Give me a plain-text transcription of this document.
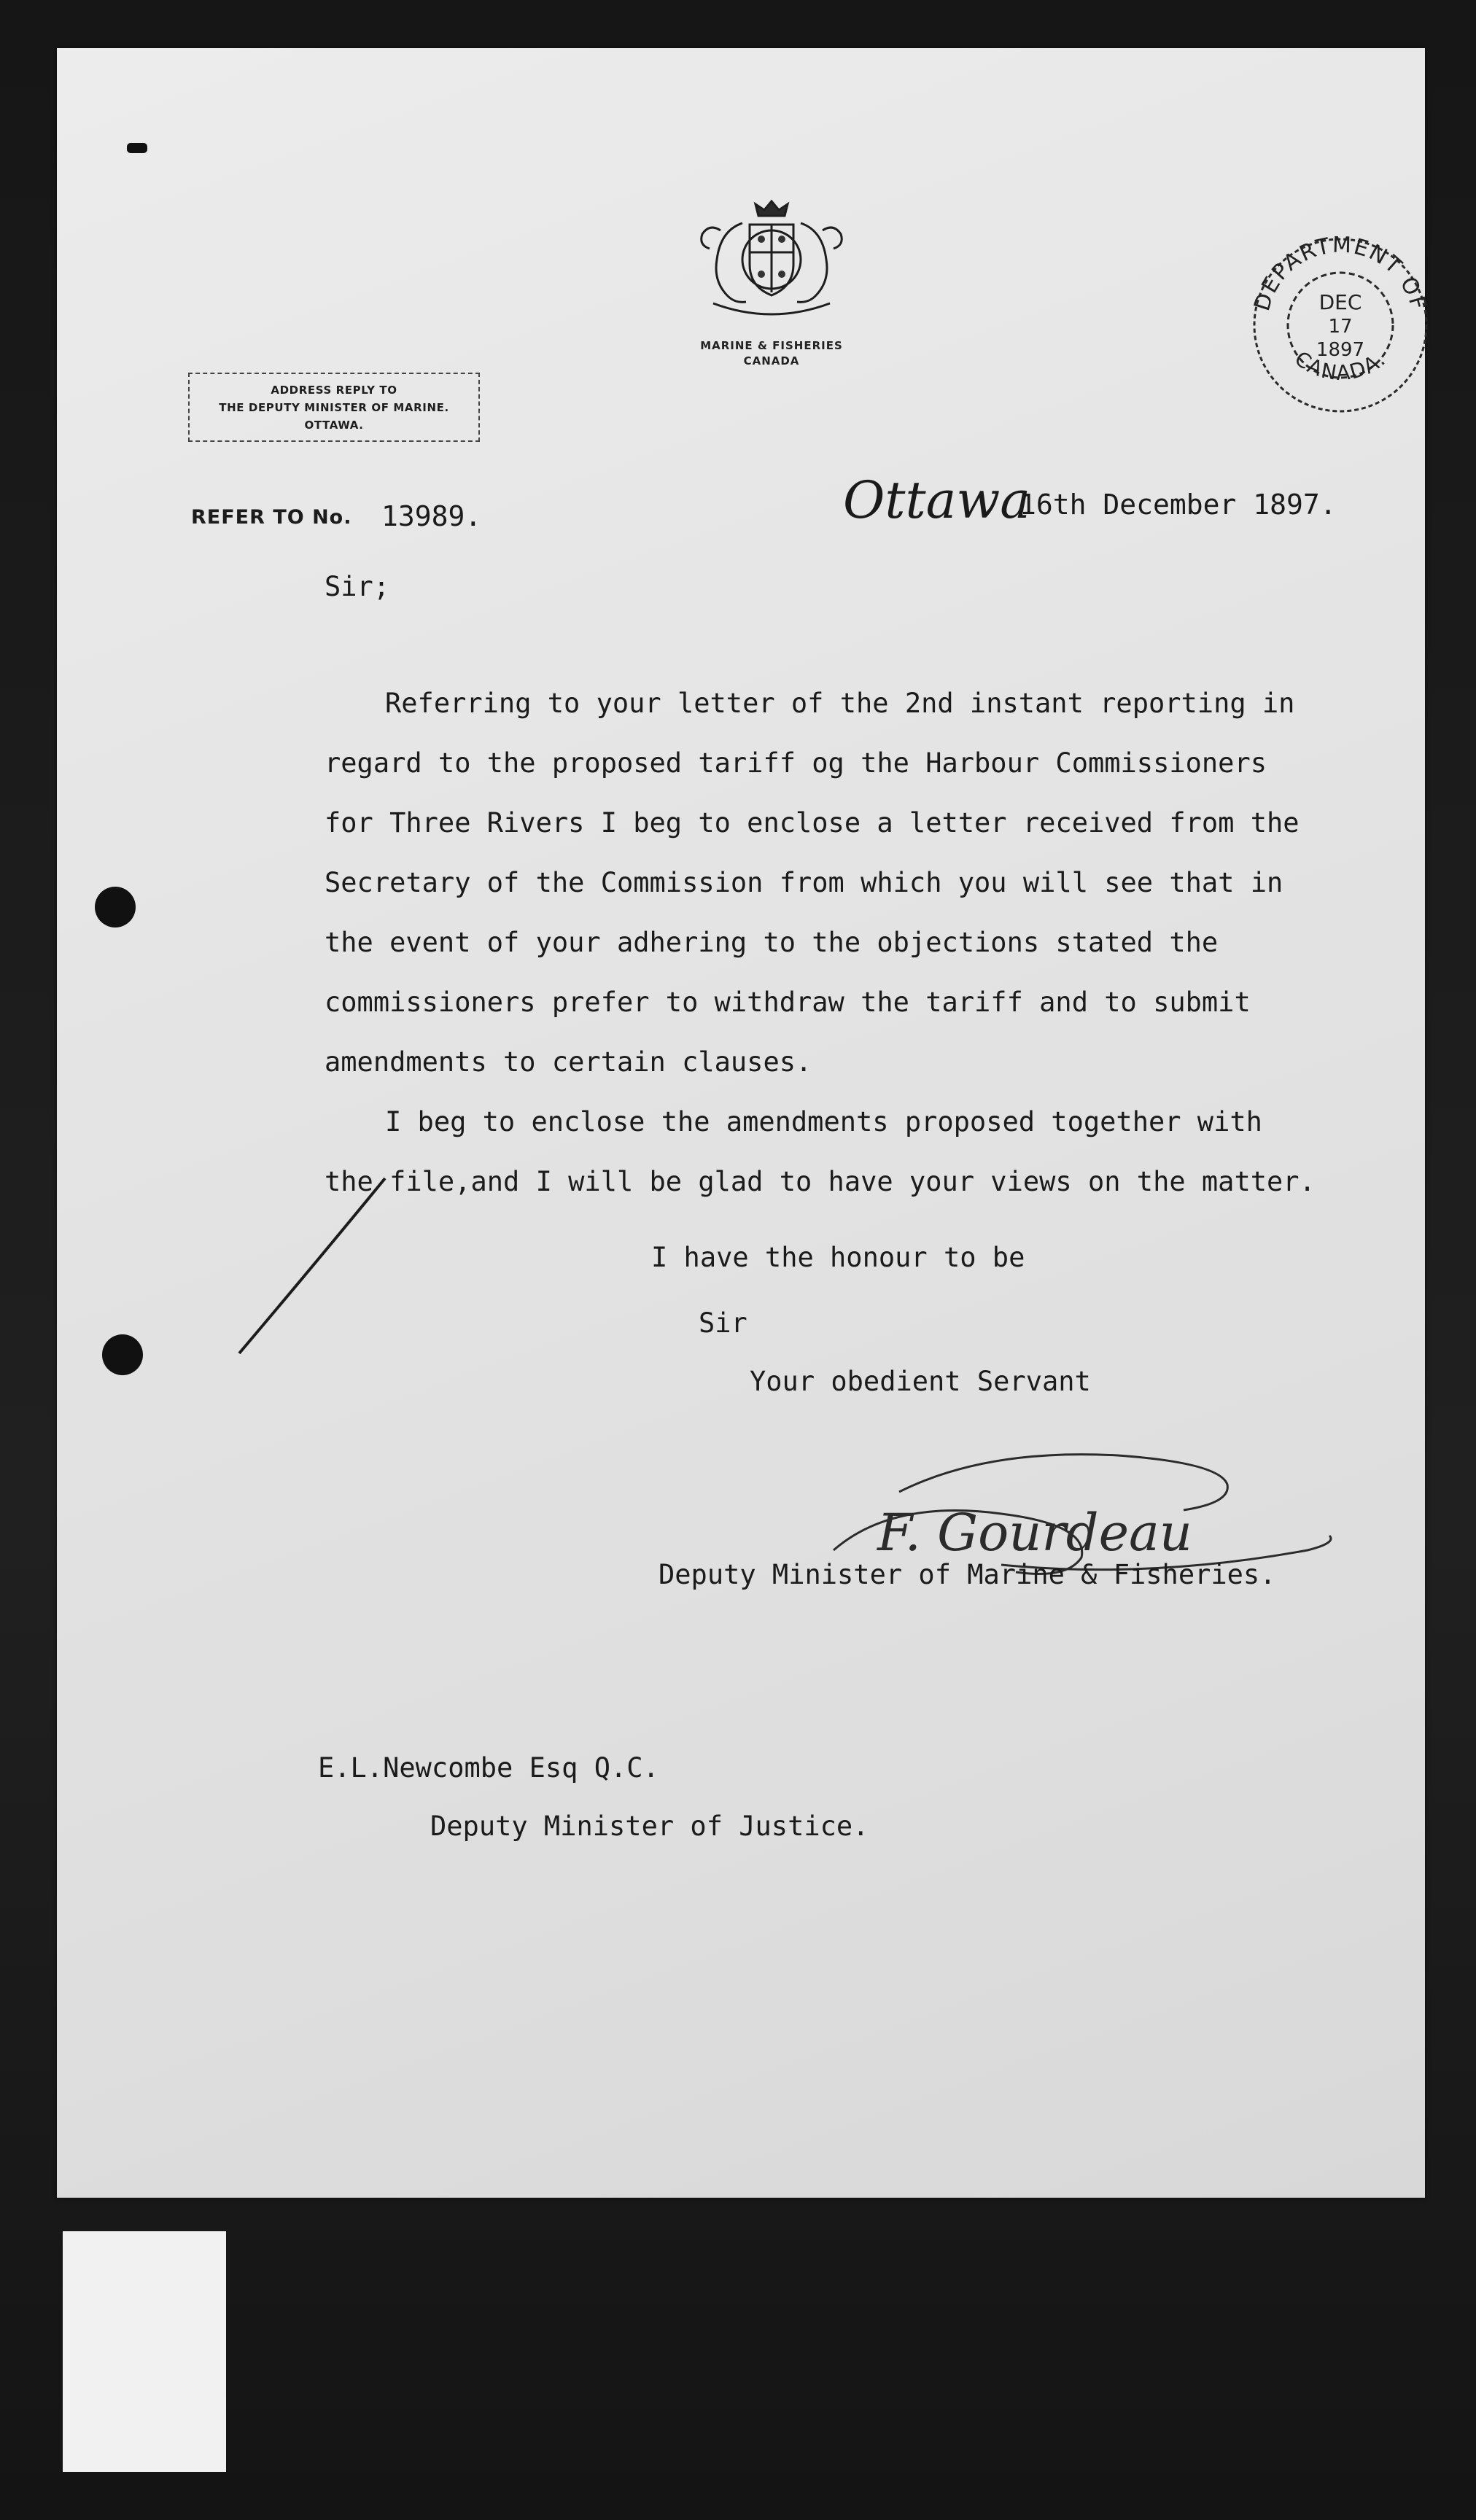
MARINE & FISHERIES
CANADA
ADDRESS REPLY TO
THE DEPUTY MINISTER OF MARINE.
OTTAWA.
DEPARTMENT OF
CANADA.
DEC
17
1897
REFER TO No. 13989.	Ottawa
16th December 1897.
Sir;
Referring to your letter of the 2nd instant reporting in
regard to the proposed tariff og the Harbour Commissioners
for Three Rivers I beg to enclose a letter received from the
Secretary of the Commission from which you will see that in
the event of your adhering to the objections stated the
commissioners prefer to withdraw the tariff and to submit
amendments to certain clauses.
I beg to enclose the amendments proposed together with
the file,and I will be glad to have your views on the matter.
I have the honour to be
Sir
Your obedient Servant
F. Gourdeau
Deputy Minister of Marine & Fisheries.
E.L.Newcombe Esq Q.C.
Deputy Minister of Justice.
